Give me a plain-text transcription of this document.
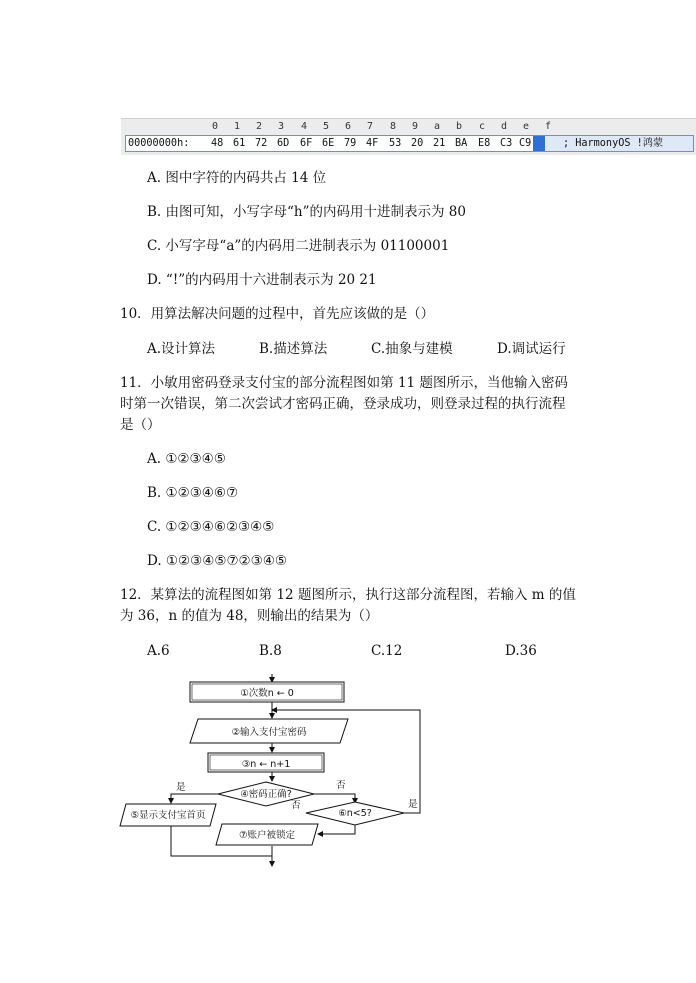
0 1 2 3 4 5 6 7 8 9 a b c d e f
00000000h: 48 61 72 6D 6F 6E 79 4F 53 20 21 BA E8 C3 C9	; HarmonyOS !鸿蒙
A. 图中字符的内码共占 14 位
B. 由图可知，小写字母“h”的内码用十进制表示为 80
C. 小写字母“a”的内码用二进制表示为 01100001
D. “!”的内码用十六进制表示为 20 21
10．用算法解决问题的过程中，首先应该做的是（）
A.设计算法	B.描述算法	C.抽象与建模	D.调试运行
11．小敏用密码登录支付宝的部分流程图如第 11 题图所示，当他输入密码
时第一次错误，第二次尝试才密码正确，登录成功，则登录过程的执行流程
是（）
A. ①②③④⑤
B. ①②③④⑥⑦
C. ①②③④⑥②③④⑤
D. ①②③④⑤⑦②③④⑤
12．某算法的流程图如第 12 题图所示，执行这部分流程图，若输入 m 的值
为 36，n 的值为 48，则输出的结果为（）
A.6	B.8	C.12	D.36
①次数n ← 0
②输入支付宝密码
③n ← n+1
④密码正确?
⑥n<5?
⑤显示支付宝首页
⑦账户被锁定
是	否
否	是
